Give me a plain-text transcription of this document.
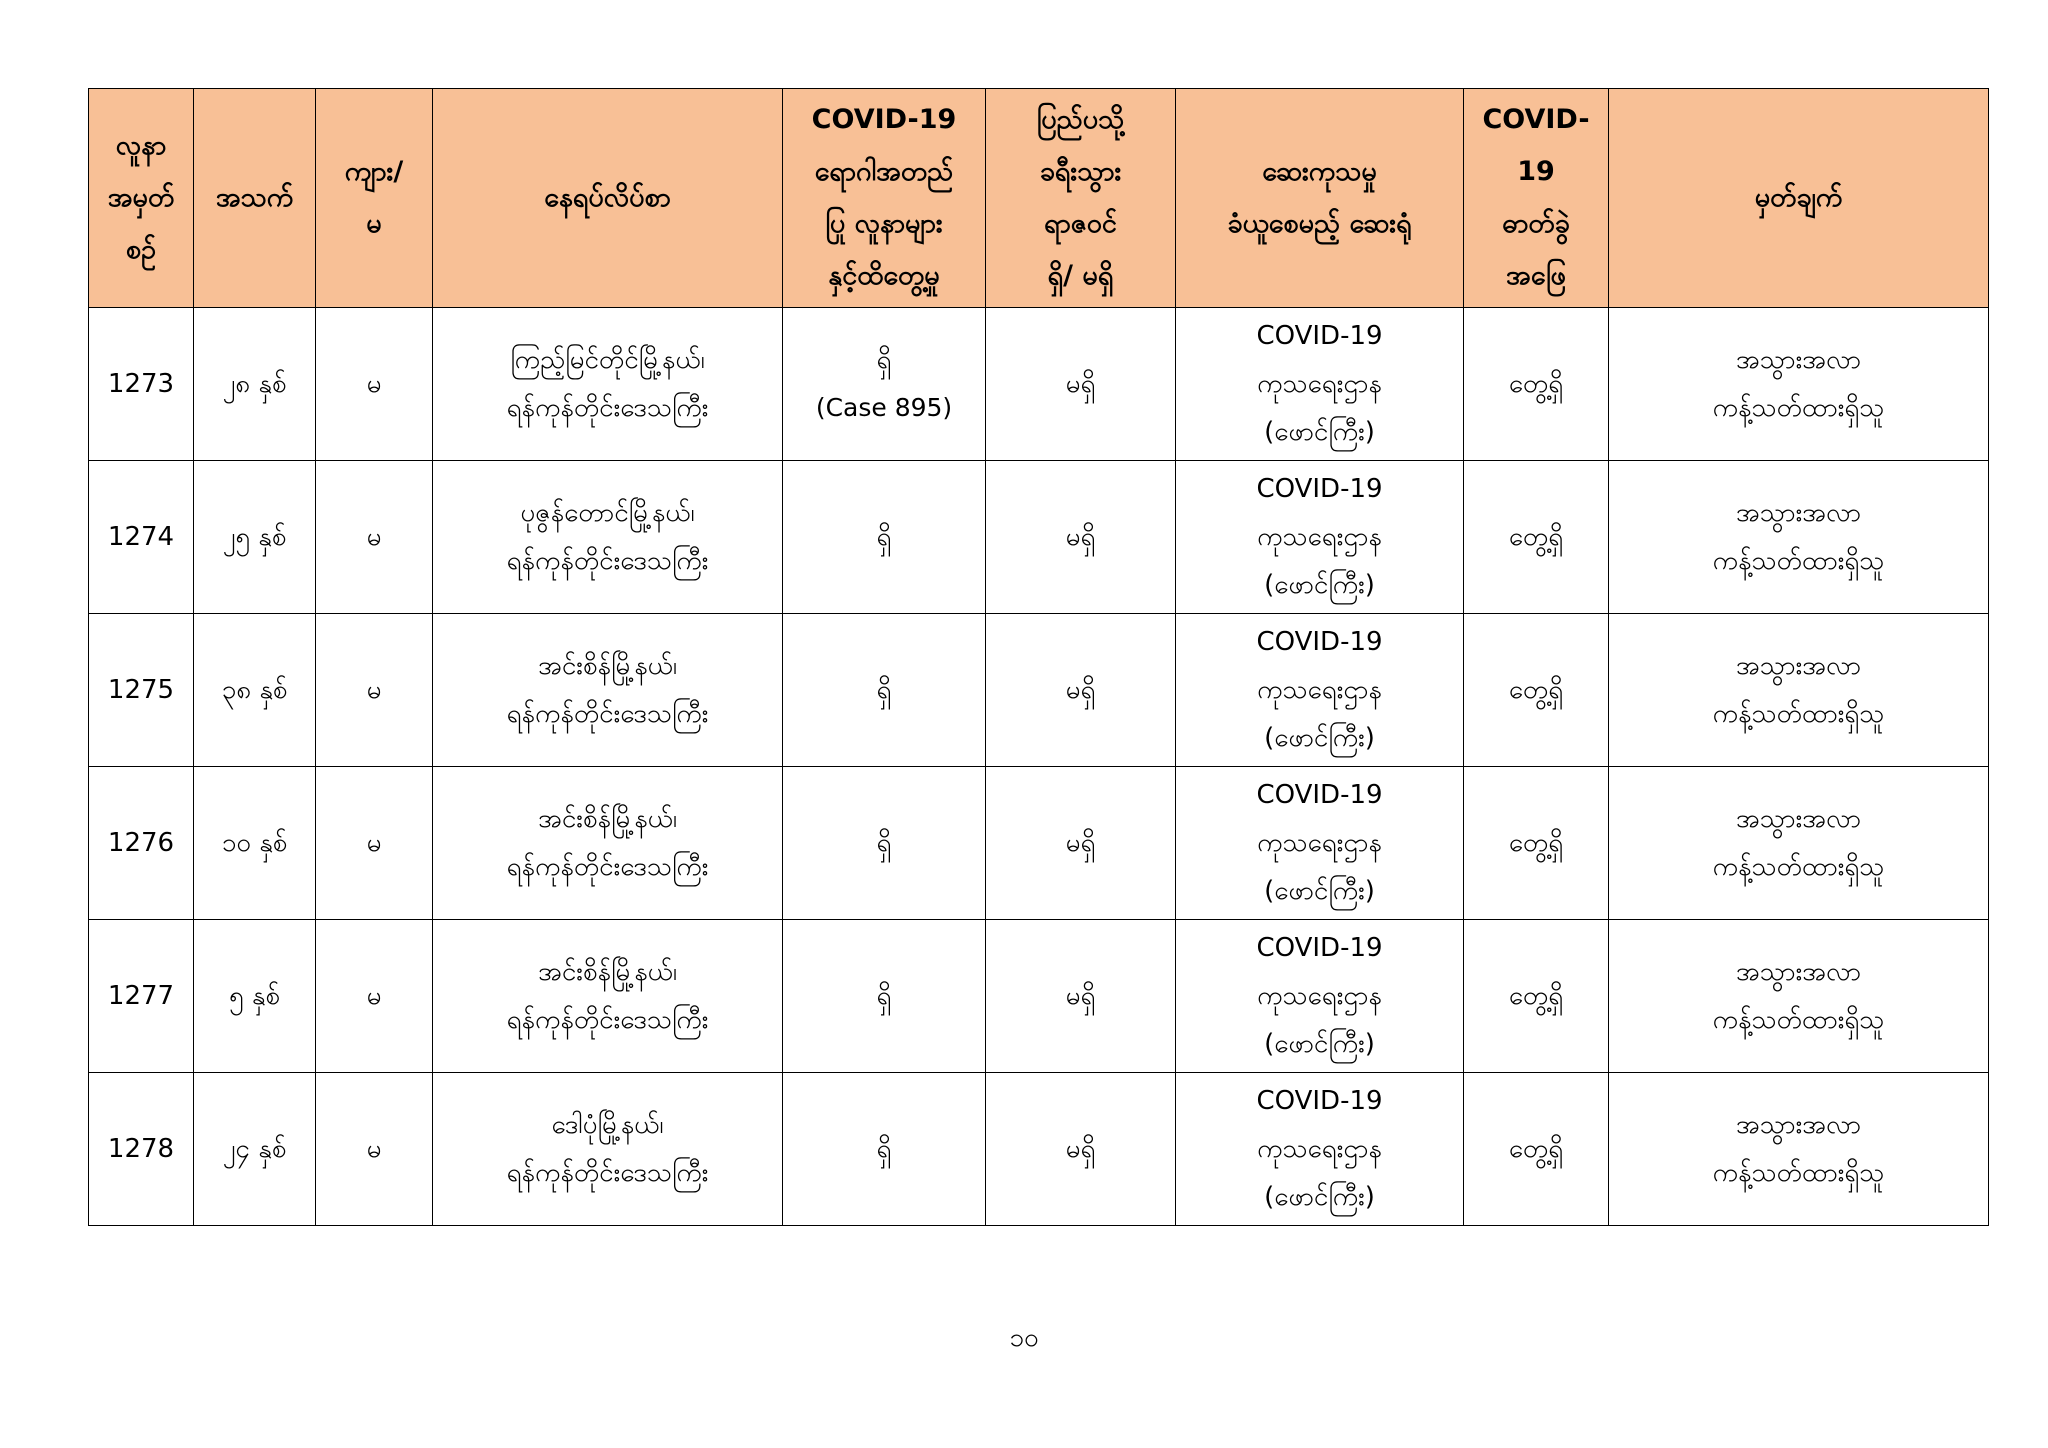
လူနာ
အမှတ်
စဉ်	အသက်	ကျား/
မ	နေရပ်လိပ်စာ	COVID-19
ရောဂါအတည်
ပြု လူနာများ
နှင့်ထိတွေ့မှု	ပြည်ပသို့
ခရီးသွား
ရာဇဝင်
ရှိ/ မရှိ	ဆေးကုသမှု
ခံယူစေမည့် ဆေးရုံ	COVID-
19
ဓာတ်ခွဲ
အဖြေ	မှတ်ချက်

1273	၂၈ နှစ်	မ	ကြည့်မြင်တိုင်မြို့နယ်၊
ရန်ကုန်တိုင်းဒေသကြီး	ရှိ
(Case 895)	မရှိ	COVID-19
ကုသရေးဌာန
(ဖောင်ကြီး)	တွေ့ရှိ	အသွားအလာ
ကန့်သတ်ထားရှိသူ

1274	၂၅ နှစ်	မ	ပုဇွန်တောင်မြို့နယ်၊
ရန်ကုန်တိုင်းဒေသကြီး	ရှိ	မရှိ	COVID-19
ကုသရေးဌာန
(ဖောင်ကြီး)	တွေ့ရှိ	အသွားအလာ
ကန့်သတ်ထားရှိသူ

1275	၃၈ နှစ်	မ	အင်းစိန်မြို့နယ်၊
ရန်ကုန်တိုင်းဒေသကြီး	ရှိ	မရှိ	COVID-19
ကုသရေးဌာန
(ဖောင်ကြီး)	တွေ့ရှိ	အသွားအလာ
ကန့်သတ်ထားရှိသူ

1276	၁၀ နှစ်	မ	အင်းစိန်မြို့နယ်၊
ရန်ကုန်တိုင်းဒေသကြီး	ရှိ	မရှိ	COVID-19
ကုသရေးဌာန
(ဖောင်ကြီး)	တွေ့ရှိ	အသွားအလာ
ကန့်သတ်ထားရှိသူ

1277	၅ နှစ်	မ	အင်းစိန်မြို့နယ်၊
ရန်ကုန်တိုင်းဒေသကြီး	ရှိ	မရှိ	COVID-19
ကုသရေးဌာန
(ဖောင်ကြီး)	တွေ့ရှိ	အသွားအလာ
ကန့်သတ်ထားရှိသူ

1278	၂၄ နှစ်	မ	ဒေါပုံမြို့နယ်၊
ရန်ကုန်တိုင်းဒေသကြီး	ရှိ	မရှိ	COVID-19
ကုသရေးဌာန
(ဖောင်ကြီး)	တွေ့ရှိ	အသွားအလာ
ကန့်သတ်ထားရှိသူ
၁၀
